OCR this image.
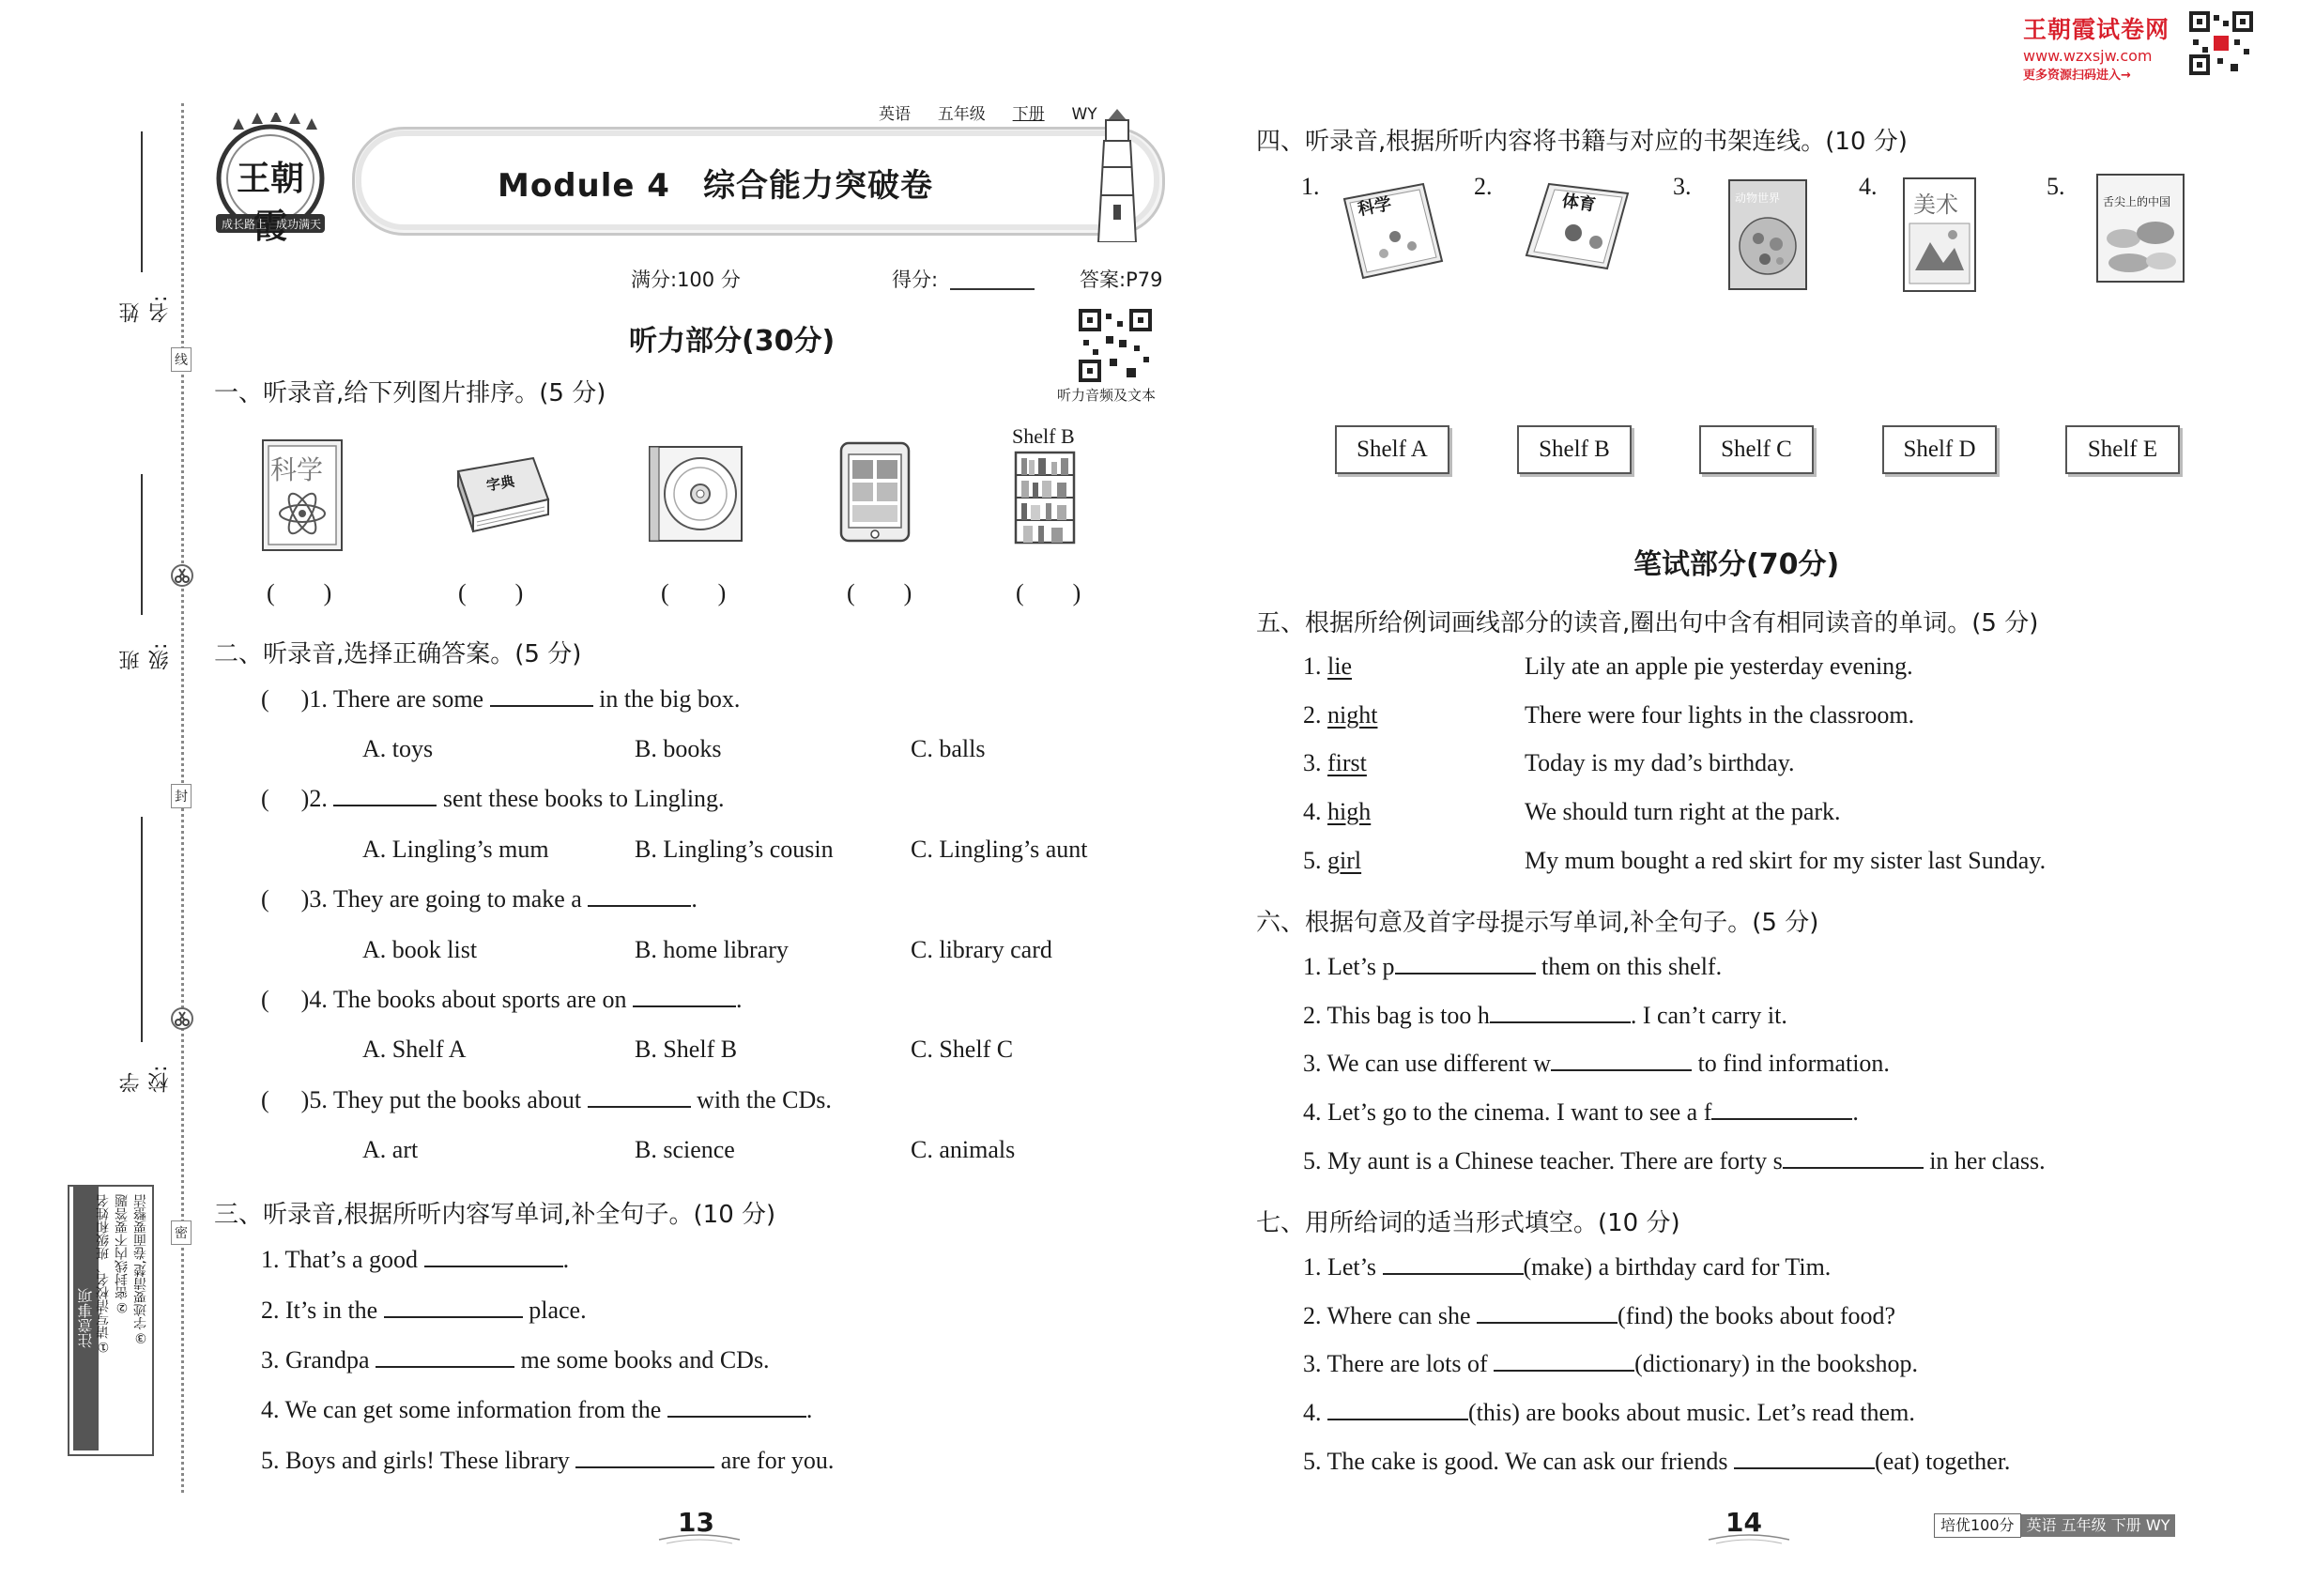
王朝霞试卷网
www.wzxsjw.com
更多资源扫码进入→
姓　名:
班　级:
学　校:
线
封
密
注意事项 ①请写清校名、班级和姓名 ②密封线内不要答题 ③字迹要清楚,卷面要整洁
王朝霞
成长路上 成功满天
Module 4　综合能力突破卷
英语 五年级 下册 WY
满分:100 分	得分:	答案:P79
听力音频及文本
听力部分(30分)
一、听录音,给下列图片排序。(5 分)
科学	字典
Shelf B
(　　)	(　　)	(　　)	(　　)	(　　)
二、听录音,选择正确答案。(5 分)
( )1. There are some	in the big box.
A. toys	B. books	C. balls
( )2.	sent these books to Lingling.
A. Lingling’s mum	B. Lingling’s cousin	C. Lingling’s aunt
( )3. They are going to make a	.
A. book list	B. home library	C. library card
( )4. The books about sports are on	.
A. Shelf A	B. Shelf B	C. Shelf C
( )5. They put the books about	with the CDs.
A. art	B. science	C. animals
三、听录音,根据所听内容写单词,补全句子。(10 分)
1. That’s a good	.
2. It’s in the	place.
3. Grandpa	me some books and CDs.
4. We can get some information from the	.
5. Boys and girls! These library	are for you.
四、听录音,根据所听内容将书籍与对应的书架连线。(10 分)
1.	2.	3.	4.	5.
科学	体育	动物世界	美术	舌尖上的中国
Shelf A	Shelf B	Shelf C	Shelf D	Shelf E
笔试部分(70分)
五、根据所给例词画线部分的读音,圈出句中含有相同读音的单词。(5 分)
1. lie	Lily ate an apple pie yesterday evening.
2. night	There were four lights in the classroom.
3. first	Today is my dad’s birthday.
4. high	We should turn right at the park.
5. girl	My mum bought a red skirt for my sister last Sunday.
六、根据句意及首字母提示写单词,补全句子。(5 分)
1. Let’s p	them on this shelf.
2. This bag is too h	. I can’t carry it.
3. We can use different w	to find information.
4. Let’s go to the cinema. I want to see a f	.
5. My aunt is a Chinese teacher. There are forty s	in her class.
七、用所给词的适当形式填空。(10 分)
1. Let’s	(make) a birthday card for Tim.
2. Where can she	(find) the books about food?
3. There are lots of	(dictionary) in the bookshop.
4.	(this) are books about music. Let’s read them.
5. The cake is good. We can ask our friends	(eat) together.
13	14	培优100分 英语 五年级 下册 WY
